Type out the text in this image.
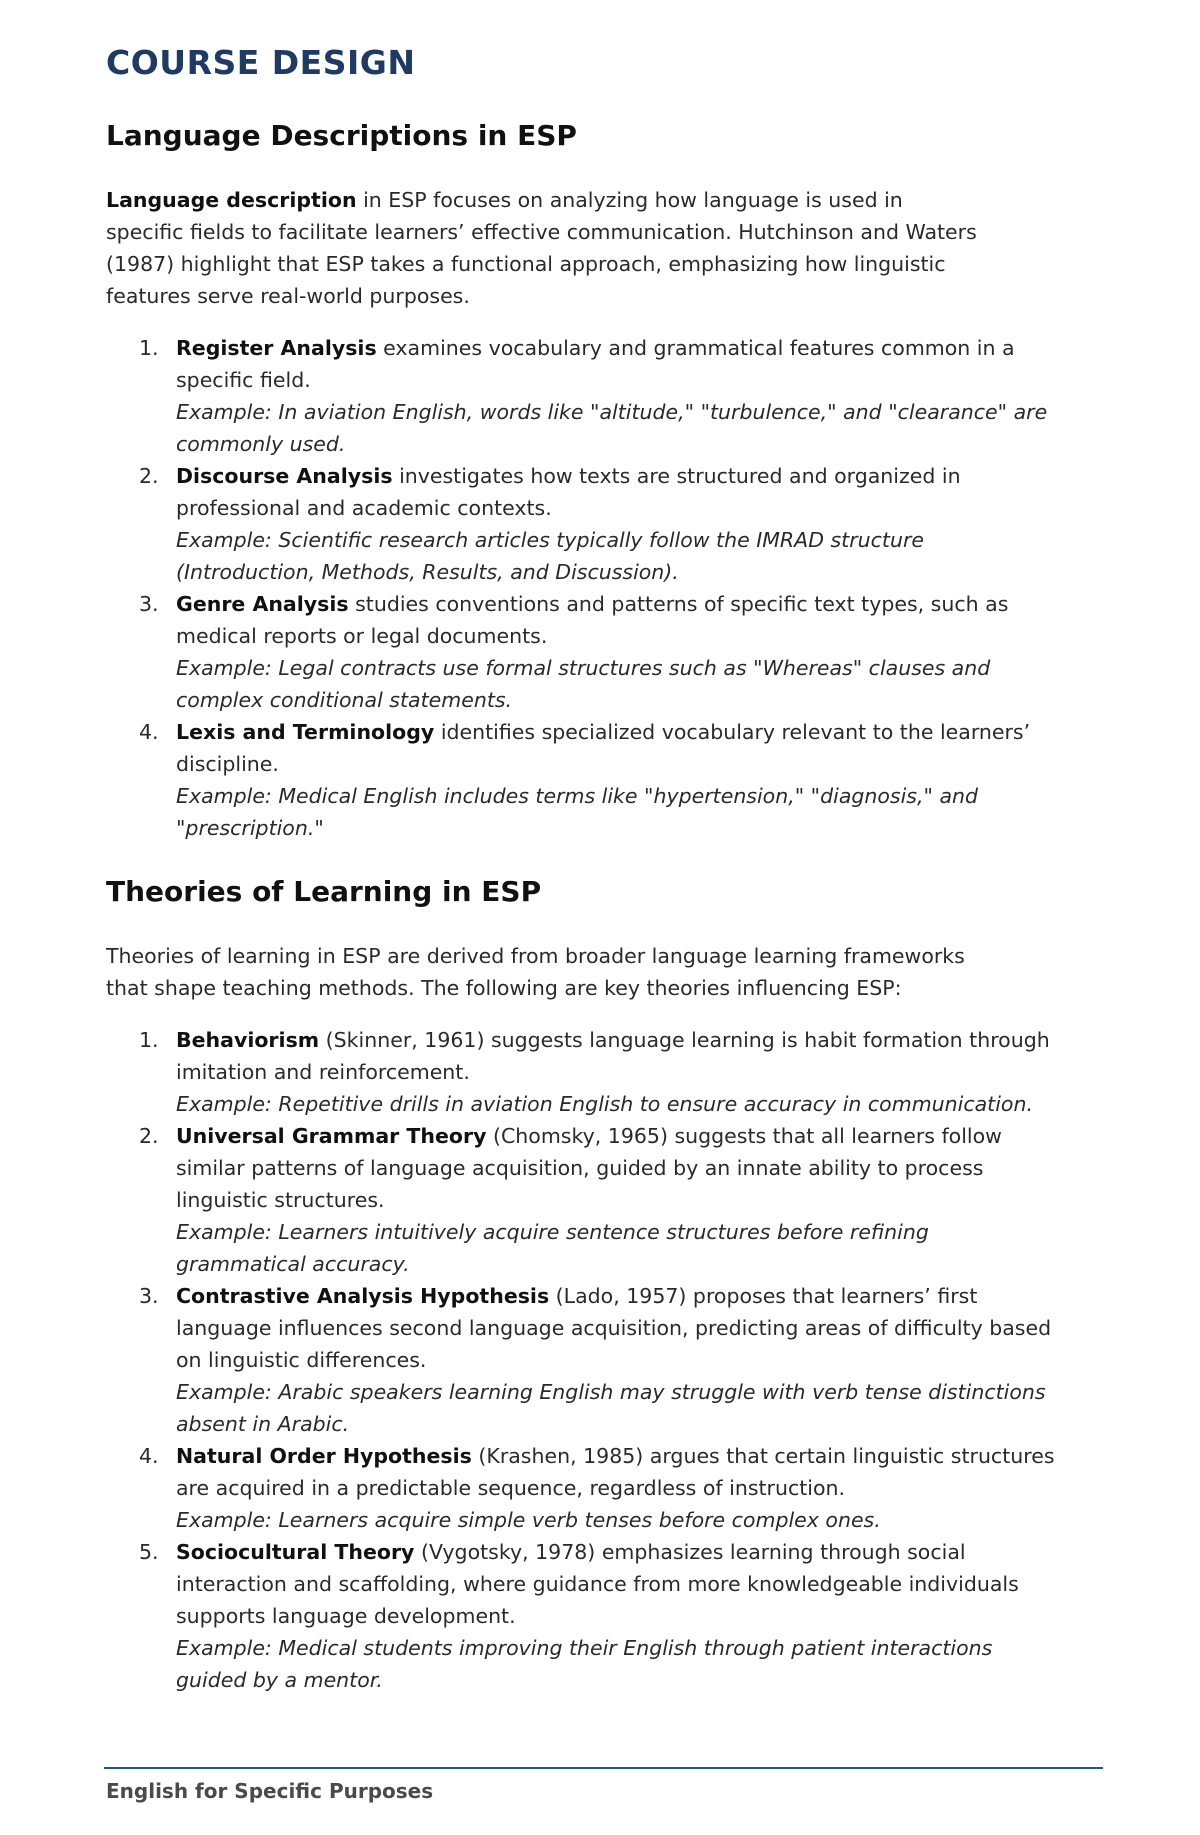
COURSE DESIGN
Language Descriptions in ESP

Language description in ESP focuses on analyzing how language is used in specific fields to facilitate learners’ effective communication. Hutchinson and Waters (1987) highlight that ESP takes a functional approach, emphasizing how linguistic features serve real-world purposes.

1. Register Analysis examines vocabulary and grammatical features common in a specific field.
Example: In aviation English, words like "altitude," "turbulence," and "clearance" are commonly used.
2. Discourse Analysis investigates how texts are structured and organized in professional and academic contexts.
Example: Scientific research articles typically follow the IMRAD structure (Introduction, Methods, Results, and Discussion).
3. Genre Analysis studies conventions and patterns of specific text types, such as medical reports or legal documents.
Example: Legal contracts use formal structures such as "Whereas" clauses and complex conditional statements.
4. Lexis and Terminology identifies specialized vocabulary relevant to the learners’ discipline.
Example: Medical English includes terms like "hypertension," "diagnosis," and "prescription."
Theories of Learning in ESP

Theories of learning in ESP are derived from broader language learning frameworks that shape teaching methods. The following are key theories influencing ESP:

1. Behaviorism (Skinner, 1961) suggests language learning is habit formation through imitation and reinforcement.
Example: Repetitive drills in aviation English to ensure accuracy in communication.
2. Universal Grammar Theory (Chomsky, 1965) suggests that all learners follow similar patterns of language acquisition, guided by an innate ability to process linguistic structures.
Example: Learners intuitively acquire sentence structures before refining grammatical accuracy.
3. Contrastive Analysis Hypothesis (Lado, 1957) proposes that learners’ first language influences second language acquisition, predicting areas of difficulty based on linguistic differences.
Example: Arabic speakers learning English may struggle with verb tense distinctions absent in Arabic.
4. Natural Order Hypothesis (Krashen, 1985) argues that certain linguistic structures are acquired in a predictable sequence, regardless of instruction.
Example: Learners acquire simple verb tenses before complex ones.
5. Sociocultural Theory (Vygotsky, 1978) emphasizes learning through social interaction and scaffolding, where guidance from more knowledgeable individuals supports language development.
Example: Medical students improving their English through patient interactions guided by a mentor.
English for Specific Purposes
